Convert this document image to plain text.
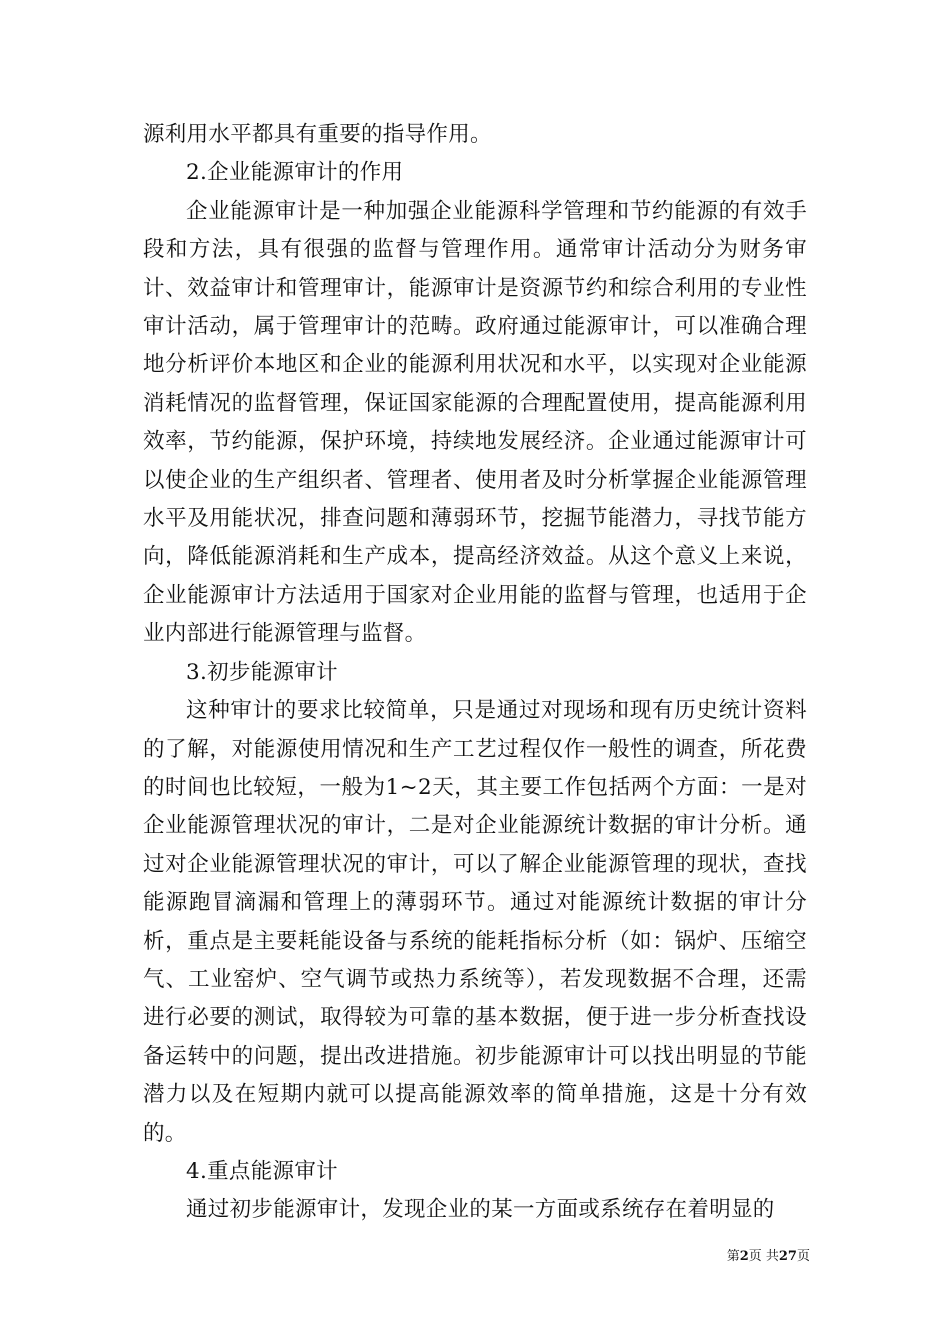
源利用水平都具有重要的指导作用。

2.企业能源审计的作用

企业能源审计是一种加强企业能源科学管理和节约能源的有效手段和方法，具有很强的监督与管理作用。通常审计活动分为财务审计、效益审计和管理审计，能源审计是资源节约和综合利用的专业性审计活动，属于管理审计的范畴。政府通过能源审计，可以准确合理地分析评价本地区和企业的能源利用状况和水平，以实现对企业能源消耗情况的监督管理，保证国家能源的合理配置使用，提高能源利用效率，节约能源，保护环境，持续地发展经济。企业通过能源审计可以使企业的生产组织者、管理者、使用者及时分析掌握企业能源管理水平及用能状况，排查问题和薄弱环节，挖掘节能潜力，寻找节能方向，降低能源消耗和生产成本，提高经济效益。从这个意义上来说，企业能源审计方法适用于国家对企业用能的监督与管理，也适用于企业内部进行能源管理与监督。

3.初步能源审计

这种审计的要求比较简单，只是通过对现场和现有历史统计资料的了解，对能源使用情况和生产工艺过程仅作一般性的调查，所花费的时间也比较短，一般为1~2天，其主要工作包括两个方面：一是对企业能源管理状况的审计，二是对企业能源统计数据的审计分析。通过对企业能源管理状况的审计，可以了解企业能源管理的现状，查找能源跑冒滴漏和管理上的薄弱环节。通过对能源统计数据的审计分析，重点是主要耗能设备与系统的能耗指标分析（如：锅炉、压缩空气、工业窑炉、空气调节或热力系统等），若发现数据不合理，还需进行必要的测试，取得较为可靠的基本数据，便于进一步分析查找设备运转中的问题，提出改进措施。初步能源审计可以找出明显的节能潜力以及在短期内就可以提高能源效率的简单措施，这是十分有效的。

4.重点能源审计

通过初步能源审计，发现企业的某一方面或系统存在着明显的

第2页 共27页
